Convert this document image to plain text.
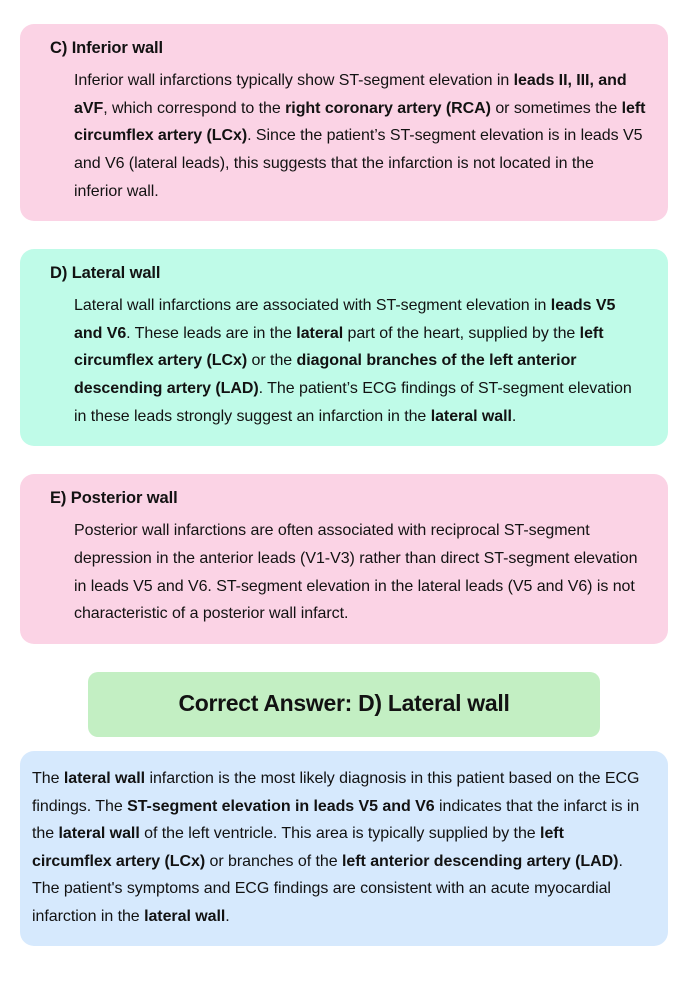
C) Inferior wall
Inferior wall infarctions typically show ST-segment elevation in leads II, III, and aVF, which correspond to the right coronary artery (RCA) or sometimes the left circumflex artery (LCx). Since the patient’s ST-segment elevation is in leads V5 and V6 (lateral leads), this suggests that the infarction is not located in the inferior wall.
D) Lateral wall
Lateral wall infarctions are associated with ST-segment elevation in leads V5 and V6. These leads are in the lateral part of the heart, supplied by the left circumflex artery (LCx) or the diagonal branches of the left anterior descending artery (LAD). The patient’s ECG findings of ST-segment elevation in these leads strongly suggest an infarction in the lateral wall.
E) Posterior wall
Posterior wall infarctions are often associated with reciprocal ST-segment depression in the anterior leads (V1-V3) rather than direct ST-segment elevation in leads V5 and V6. ST-segment elevation in the lateral leads (V5 and V6) is not characteristic of a posterior wall infarct.
Correct Answer: D) Lateral wall
The lateral wall infarction is the most likely diagnosis in this patient based on the ECG findings. The ST-segment elevation in leads V5 and V6 indicates that the infarct is in the lateral wall of the left ventricle. This area is typically supplied by the left circumflex artery (LCx) or branches of the left anterior descending artery (LAD). The patient's symptoms and ECG findings are consistent with an acute myocardial infarction in the lateral wall.
